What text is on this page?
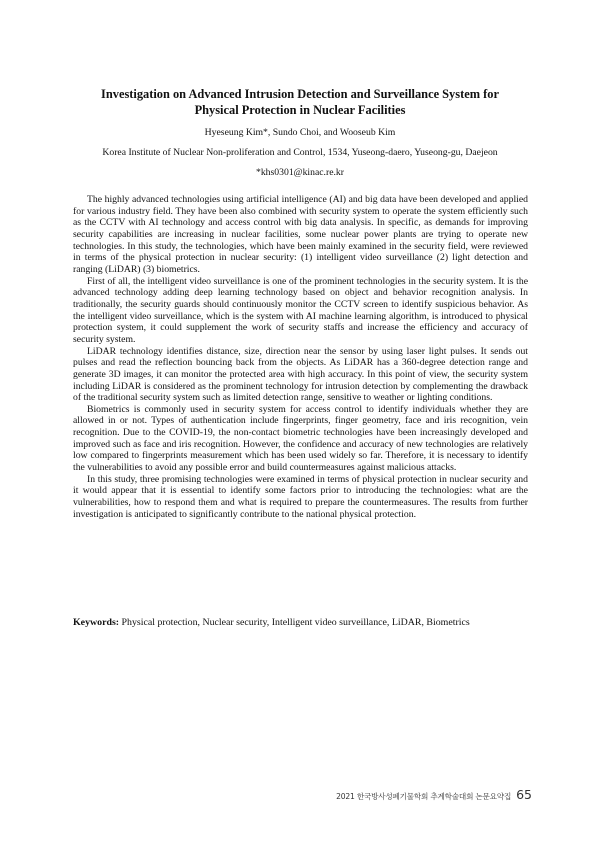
Investigation on Advanced Intrusion Detection and Surveillance System for
Physical Protection in Nuclear Facilities
Hyeseung Kim*, Sundo Choi, and Wooseub Kim
Korea Institute of Nuclear Non-proliferation and Control, 1534, Yuseong-daero, Yuseong-gu, Daejeon
*khs0301@kinac.re.kr

The highly advanced technologies using artificial intelligence (AI) and big data have been developed and applied for various industry field. They have been also combined with security system to operate the system efficiently such as the CCTV with AI technology and access control with big data analysis. In specific, as demands for improving security capabilities are increasing in nuclear facilities, some nuclear power plants are trying to operate new technologies. In this study, the technologies, which have been mainly examined in the security field, were reviewed in terms of the physical protection in nuclear security: (1) intelligent video surveillance (2) light detection and ranging (LiDAR) (3) biometrics.

First of all, the intelligent video surveillance is one of the prominent technologies in the security system. It is the advanced technology adding deep learning technology based on object and behavior recognition analysis. In traditionally, the security guards should continuously monitor the CCTV screen to identify suspicious behavior. As the intelligent video surveillance, which is the system with AI machine learning algorithm, is introduced to physical protection system, it could supplement the work of security staffs and increase the efficiency and accuracy of security system.

LiDAR technology identifies distance, size, direction near the sensor by using laser light pulses. It sends out pulses and read the reflection bouncing back from the objects. As LiDAR has a 360-degree detection range and generate 3D images, it can monitor the protected area with high accuracy. In this point of view, the security system including LiDAR is considered as the prominent technology for intrusion detection by complementing the drawback of the traditional security system such as limited detection range, sensitive to weather or lighting conditions.

Biometrics is commonly used in security system for access control to identify individuals whether they are allowed in or not. Types of authentication include fingerprints, finger geometry, face and iris recognition, vein recognition. Due to the COVID-19, the non-contact biometric technologies have been increasingly developed and improved such as face and iris recognition. However, the confidence and accuracy of new technologies are relatively low compared to fingerprints measurement which has been used widely so far. Therefore, it is necessary to identify the vulnerabilities to avoid any possible error and build countermeasures against malicious attacks.

In this study, three promising technologies were examined in terms of physical protection in nuclear security and it would appear that it is essential to identify some factors prior to introducing the technologies: what are the vulnerabilities, how to respond them and what is required to prepare the countermeasures. The results from further investigation is anticipated to significantly contribute to the national physical protection.

Keywords: Physical protection, Nuclear security, Intelligent video surveillance, LiDAR, Biometrics
2021 한국방사성폐기물학회 추계학술대회 논문요약집 65
